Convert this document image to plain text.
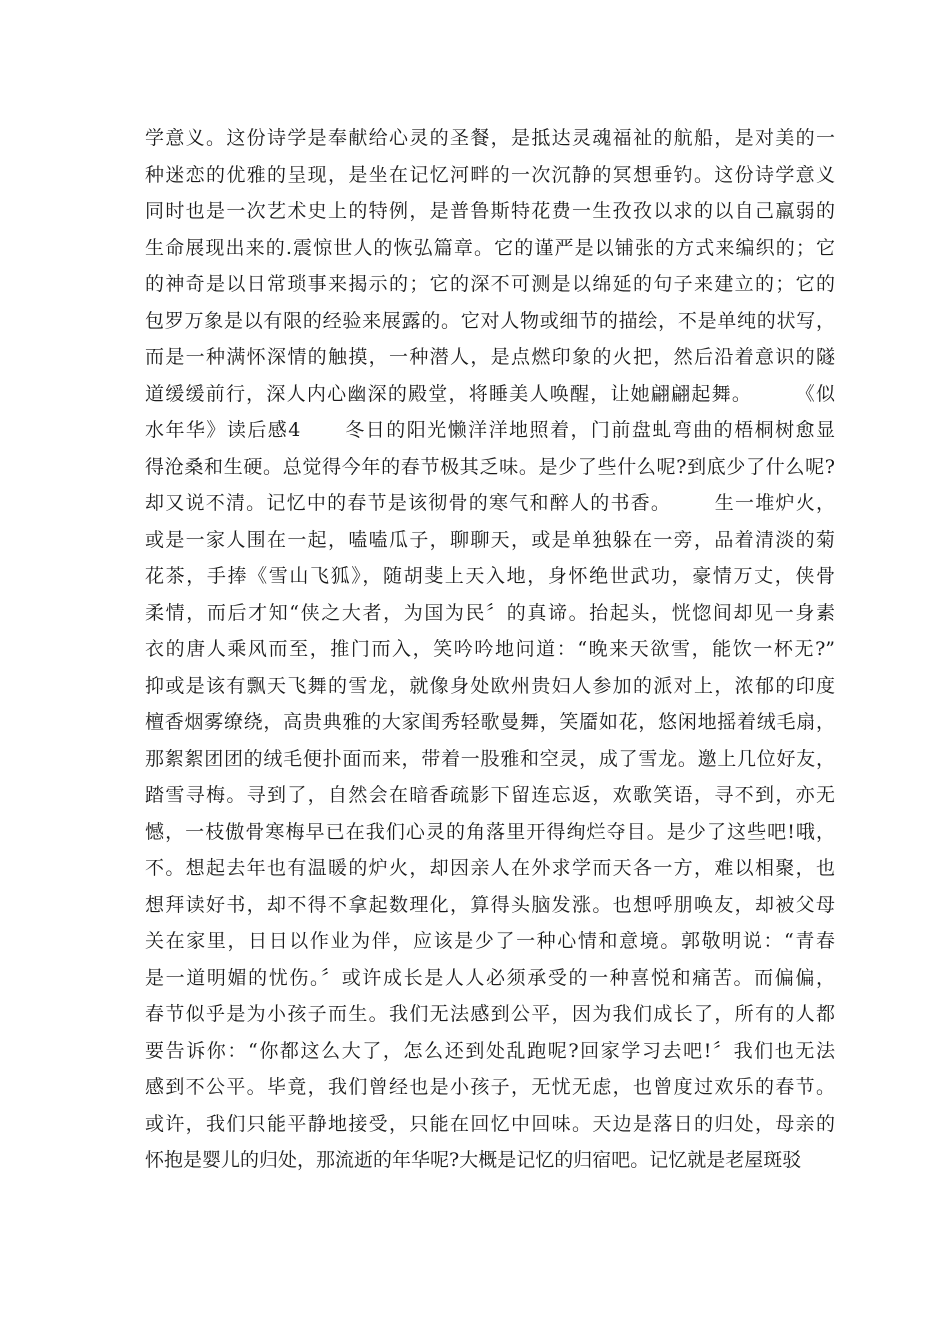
学意义。这份诗学是奉献给心灵的圣餐，是抵达灵魂福祉的航船，是对美的一
种迷恋的优雅的呈现，是坐在记忆河畔的一次沉静的冥想垂钓。这份诗学意义
同时也是一次艺术史上的特例，是普鲁斯特花费一生孜孜以求的以自己羸弱的
生命展现出来的.震惊世人的恢弘篇章。它的谨严是以铺张的方式来编织的；它
的神奇是以日常琐事来揭示的；它的深不可测是以绵延的句子来建立的；它的
包罗万象是以有限的经验来展露的。它对人物或细节的描绘，不是单纯的状写，
而是一种满怀深情的触摸，一种潜人，是点燃印象的火把，然后沿着意识的隧
道缓缓前行，深人内心幽深的殿堂，将睡美人唤醒，让她翩翩起舞。      《似
水年华》读后感4      冬日的阳光懒洋洋地照着，门前盘虬弯曲的梧桐树愈显
得沧桑和生硬。总觉得今年的春节极其乏味。是少了些什么呢?到底少了什么呢?
却又说不清。记忆中的春节是该彻骨的寒气和醉人的书香。      生一堆炉火，
或是一家人围在一起，嗑嗑瓜子，聊聊天，或是单独躲在一旁，品着清淡的菊
花茶，手捧《雪山飞狐》，随胡斐上天入地，身怀绝世武功，豪情万丈，侠骨
柔情，而后才知“侠之大者，为国为民〞的真谛。抬起头，恍惚间却见一身素
衣的唐人乘风而至，推门而入，笑吟吟地问道：“晚来天欲雪，能饮一杯无?”
抑或是该有飘天飞舞的雪龙，就像身处欧州贵妇人参加的派对上，浓郁的印度
檀香烟雾缭绕，高贵典雅的大家闺秀轻歌曼舞，笑靥如花，悠闲地摇着绒毛扇，
那絮絮团团的绒毛便扑面而来，带着一股雅和空灵，成了雪龙。邀上几位好友，
踏雪寻梅。寻到了，自然会在暗香疏影下留连忘返，欢歌笑语，寻不到，亦无
憾，一枝傲骨寒梅早已在我们心灵的角落里开得绚烂夺目。是少了这些吧!哦，
不。想起去年也有温暖的炉火，却因亲人在外求学而天各一方，难以相聚，也
想拜读好书，却不得不拿起数理化，算得头脑发涨。也想呼朋唤友，却被父母
关在家里，日日以作业为伴，应该是少了一种心情和意境。郭敬明说：“青春
是一道明媚的忧伤。〞或许成长是人人必须承受的一种喜悦和痛苦。而偏偏，
春节似乎是为小孩子而生。我们无法感到公平，因为我们成长了，所有的人都
要告诉你：“你都这么大了，怎么还到处乱跑呢?回家学习去吧!〞我们也无法
感到不公平。毕竟，我们曾经也是小孩子，无忧无虑，也曾度过欢乐的春节。
或许，我们只能平静地接受，只能在回忆中回味。天边是落日的归处，母亲的
怀抱是婴儿的归处，那流逝的年华呢?大概是记忆的归宿吧。记忆就是老屋斑驳
